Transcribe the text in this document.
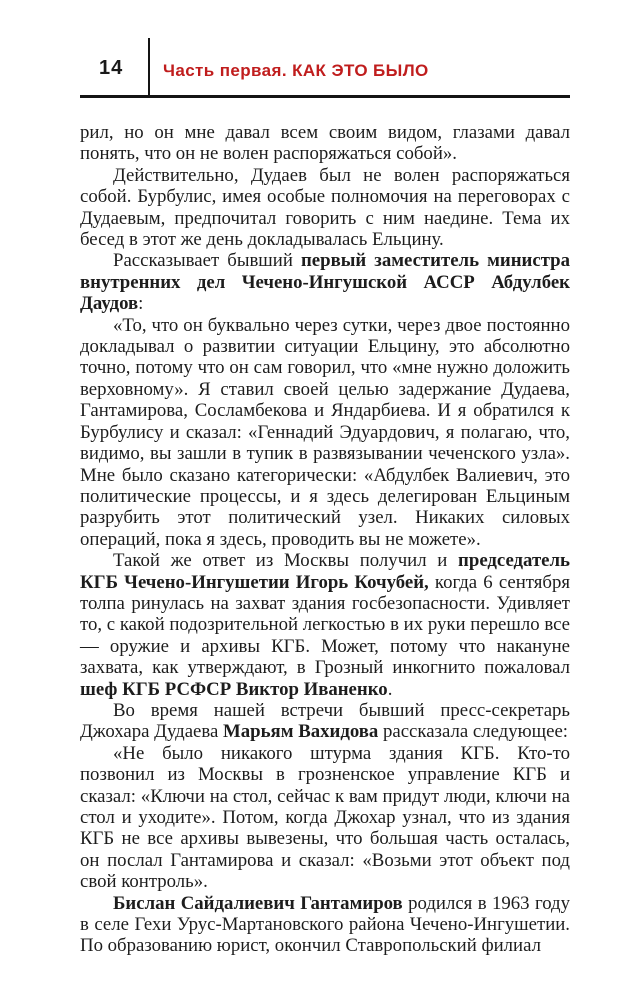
14 Часть первая. КАК ЭТО БЫЛО

рил, но он мне давал всем своим видом, глазами давал понять, что он не волен распоряжаться собой».

Действительно, Дудаев был не волен распоряжаться собой. Бурбулис, имея особые полномочия на переговорах с Дудаевым, предпочитал говорить с ним наедине. Тема их бесед в этот же день докладывалась Ельцину.

Рассказывает бывший первый заместитель министра внутренних дел Чечено-Ингушской АССР Абдулбек Даудов:

«То, что он буквально через сутки, через двое постоянно докладывал о развитии ситуации Ельцину, это абсолютно точно, потому что он сам говорил, что «мне нужно доложить верховному». Я ставил своей целью задержание Дудаева, Гантамирова, Сосламбекова и Яндарбиева. И я обратился к Бурбулису и сказал: «Геннадий Эдуардович, я полагаю, что, видимо, вы зашли в тупик в развязывании чеченского узла». Мне было сказано категорически: «Абдулбек Валиевич, это политические процессы, и я здесь делегирован Ельциным разрубить этот политический узел. Никаких силовых операций, пока я здесь, проводить вы не можете».

Такой же ответ из Москвы получил и председатель КГБ Чечено-Ингушетии Игорь Кочубей, когда 6 сентября толпа ринулась на захват здания госбезопасности. Удивляет то, с какой подозрительной легкостью в их руки перешло все — оружие и архивы КГБ. Может, потому что накануне захвата, как утверждают, в Грозный инкогнито пожаловал шеф КГБ РСФСР Виктор Иваненко.

Во время нашей встречи бывший пресс-секретарь Джохара Дудаева Марьям Вахидова рассказала следующее:

«Не было никакого штурма здания КГБ. Кто-то позвонил из Москвы в грозненское управление КГБ и сказал: «Ключи на стол, сейчас к вам придут люди, ключи на стол и уходите». Потом, когда Джохар узнал, что из здания КГБ не все архивы вывезены, что большая часть осталась, он послал Гантамирова и сказал: «Возьми этот объект под свой контроль».

Бислан Сайдалиевич Гантамиров родился в 1963 году в селе Гехи Урус-Мартановского района Чечено-Ингушетии. По образованию юрист, окончил Ставропольский филиал
